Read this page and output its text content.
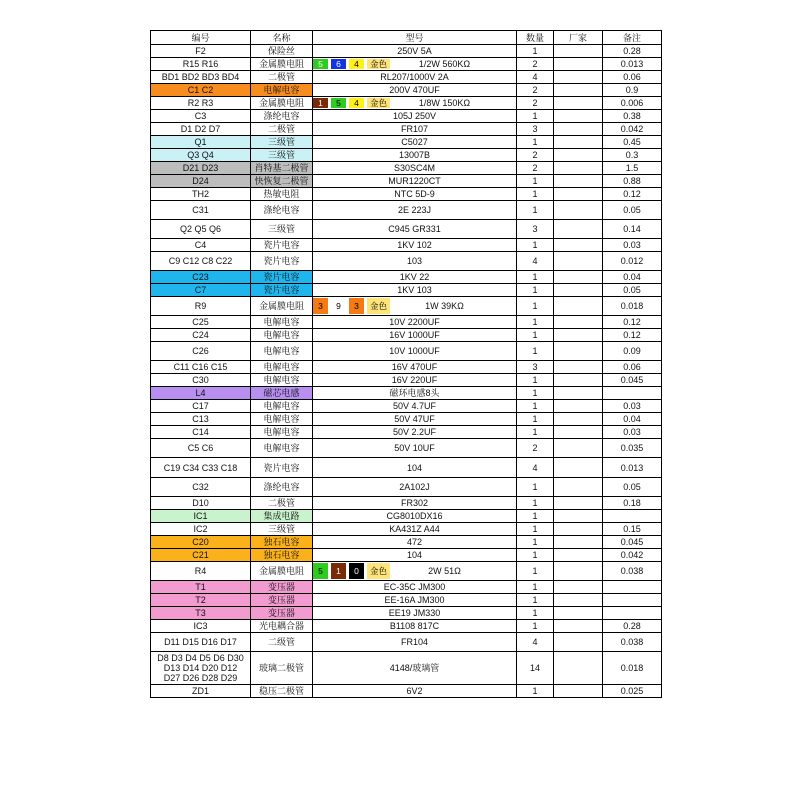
编号	名称	型号	数量	厂家	备注
F2	保险丝	250V 5A	1		0.28
R15 R16	金属膜电阻	5 6 4 金色 1/2W 560KΩ	2		0.013
BD1 BD2 BD3 BD4	二极管	RL207/1000V 2A	4		0.06
C1 C2	电解电容	200V 470UF	2		0.9
R2 R3	金属膜电阻	1 5 4 金色 1/8W 150KΩ	2		0.006
C3	涤纶电容	105J 250V	1		0.38
D1 D2 D7	二极管	FR107	3		0.042
Q1	三级管	C5027	1		0.45
Q3 Q4	三级管	13007B	2		0.3
D21 D23	肖特基二极管	S30SC4M	2		1.5
D24	快恢复二极管	MUR1220CT	1		0.88
TH2	热敏电阻	NTC 5D-9	1		0.12
C31	涤纶电容	2E 223J	1		0.05
Q2 Q5 Q6	三级管	C945 GR331	3		0.14
C4	瓷片电容	1KV 102	1		0.03
C9 C12 C8 C22	瓷片电容	103	4		0.012
C23	瓷片电容	1KV 22	1		0.04
C7	瓷片电容	1KV 103	1		0.05
R9	金属膜电阻	3 9 3 金色 1W 39KΩ	1		0.018
C25	电解电容	10V 2200UF	1		0.12
C24	电解电容	16V 1000UF	1		0.12
C26	电解电容	10V 1000UF	1		0.09
C11 C16 C15	电解电容	16V 470UF	3		0.06
C30	电解电容	16V 220UF	1		0.045
L4	磁芯电感	磁环电感8头	1		
C17	电解电容	50V 4.7UF	1		0.03
C13	电解电容	50V 47UF	1		0.04
C14	电解电容	50V 2.2UF	1		0.03
C5 C6	电解电容	50V 10UF	2		0.035
C19 C34 C33 C18	瓷片电容	104	4		0.013
C32	涤纶电容	2A102J	1		0.05
D10	二极管	FR302	1		0.18
IC1	集成电路	CG8010DX16	1		
IC2	三级管	KA431Z A44	1		0.15
C20	独石电容	472	1		0.045
C21	独石电容	104	1		0.042
R4	金属膜电阻	5 1 0 金色 2W 51Ω	1		0.038
T1	变压器	EC-35C JM300	1		
T2	变压器	EE-16A JM300	1		
T3	变压器	EE19 JM330	1		
IC3	光电耦合器	B1108 817C	1		0.28
D11 D15 D16 D17	二级管	FR104	4		0.038

D8 D3 D4 D5 D6 D30
D13 D14 D20 D12
D27 D26 D28 D29	玻璃二极管	4148/玻璃管	14		0.018
ZD1	稳压二极管	6V2	1		0.025
